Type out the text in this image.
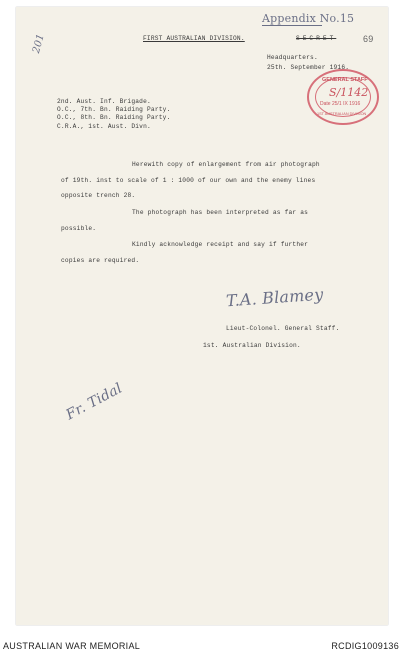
Appendix No.15
201	69
FIRST AUSTRALIAN DIVISION.	SECRET
Headquarters.
25th. September 1916.
2nd. Aust. Inf. Brigade.
O.C., 7th. Bn. Raiding Party.
O.C., 8th. Bn. Raiding Party.
C.R.A., 1st. Aust. Divn.
Herewith copy of enlargement from air photograph
of 19th. inst to scale of 1 : 1000 of our own and the enemy lines
opposite trench 28.
The photograph has been interpreted as far as
possible.
Kindly acknowledge receipt and say if further
copies are required.
T.A. Blamey
Lieut-Colonel. General Staff.
1st. Australian Division.
Fr. Tidal
GENERAL STAFF
S/1142
Date 25/1 IX 1916
1ST AUSTRALIAN DIVISION
AUSTRALIAN WAR MEMORIAL	RCDIG1009136
